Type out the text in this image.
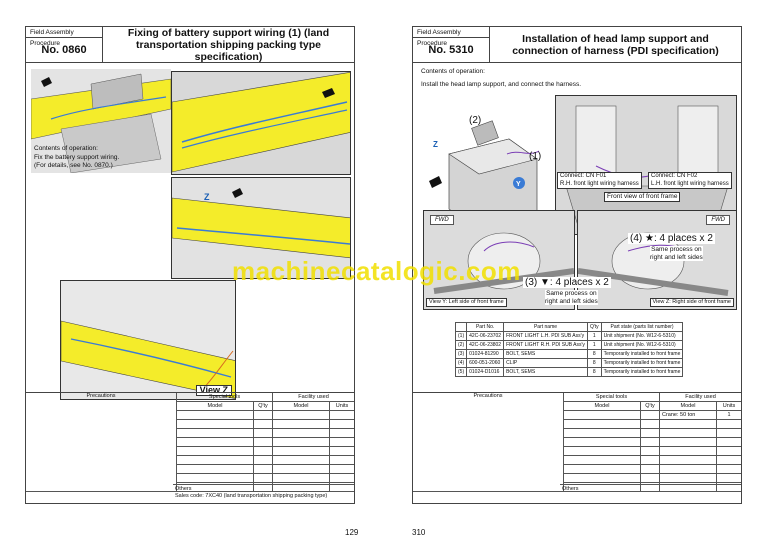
Field Assembly Procedure
No. 0860
Fixing of battery support wiring (1) (land transportation shipping packing type specification)
Contents of operation:
Fix the battery support wiring.
(For details, see No. 0870.)
Z
View Z
Precautions	Special tools		Facility used	
	Model	Q'ty	Model	Units

Others
Sales code: 7XC40 (land transportation shipping packing type)
129
Field Assembly Procedure
No. 5310
Installation of head lamp support and connection of harness (PDI specification)
Contents of operation:
Install the head lamp support, and connect the harness.
Y
Z
(2)
(1)
Connect: CN F01
R.H. front light wiring harness
Connect: CN F02
L.H. front light wiring harness
Front view of front frame
FWD
View Y: Left side of front frame
FWD
(4) ★: 4 places x 2
Same process on
right and left sides
View Z: Right side of front frame
(3) ▼: 4 places x 2
Same process on
right and left sides
	Part No.	Part name	Q'ty	Part state (parts list number)
(1)	42C-06-23702	FRONT LIGHT L.H. PDI SUB Ass'y	1	Unit shipment (No. W12-6-5310)
(2)	42C-06-23802	FRONT LIGHT R.H. PDI SUB Ass'y	1	Unit shipment (No. W12-6-5310)
(3)	01024-81290	BOLT, SEMS	8	Temporarily installed to front frame
(4)	600-051-2060	CLIP	8	Temporarily installed to front frame
(5)	01024-D1016	BOLT, SEMS	8	Temporarily installed to front frame
Precautions	Special tools		Facility used	
	Model	Q'ty	Model	Units
			Crane: 50 ton	1

Others
310
machinecatalogic.com
